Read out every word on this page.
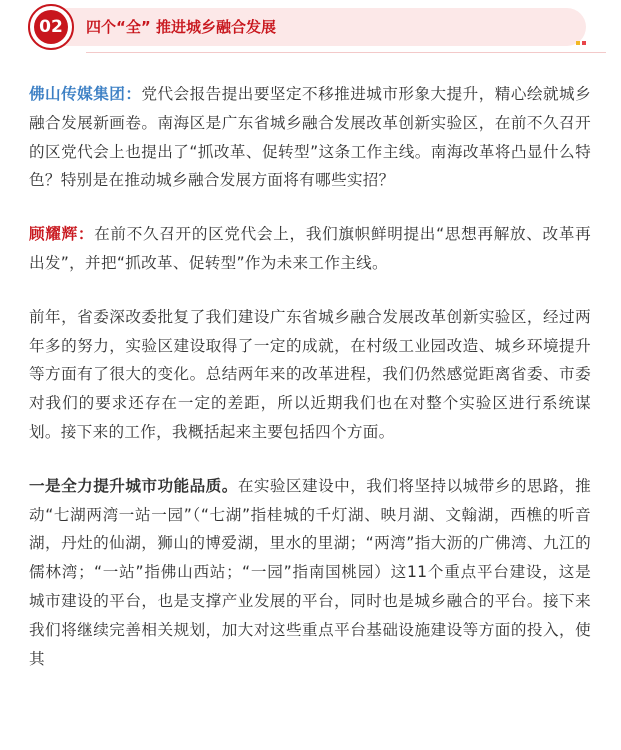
02	四个“全” 推进城乡融合发展

佛山传媒集团：党代会报告提出要坚定不移推进城市形象大提升，精心绘就城乡融合发展新画卷。南海区是广东省城乡融合发展改革创新实验区，在前不久召开的区党代会上也提出了“抓改革、促转型”这条工作主线。南海改革将凸显什么特色？特别是在推动城乡融合发展方面将有哪些实招？

顾耀辉：在前不久召开的区党代会上，我们旗帜鲜明提出“思想再解放、改革再出发”，并把“抓改革、促转型”作为未来工作主线。

前年，省委深改委批复了我们建设广东省城乡融合发展改革创新实验区，经过两年多的努力，实验区建设取得了一定的成就，在村级工业园改造、城乡环境提升等方面有了很大的变化。总结两年来的改革进程，我们仍然感觉距离省委、市委对我们的要求还存在一定的差距，所以近期我们也在对整个实验区进行系统谋划。接下来的工作，我概括起来主要包括四个方面。

一是全力提升城市功能品质。在实验区建设中，我们将坚持以城带乡的思路，推动“七湖两湾一站一园”（“七湖”指桂城的千灯湖、映月湖、文翰湖，西樵的听音湖，丹灶的仙湖，狮山的博爱湖，里水的里湖；“两湾”指大沥的广佛湾、九江的儒林湾；“一站”指佛山西站；“一园”指南国桃园）这11个重点平台建设，这是城市建设的平台，也是支撑产业发展的平台，同时也是城乡融合的平台。接下来我们将继续完善相关规划，加大对这些重点平台基础设施建设等方面的投入，使其
